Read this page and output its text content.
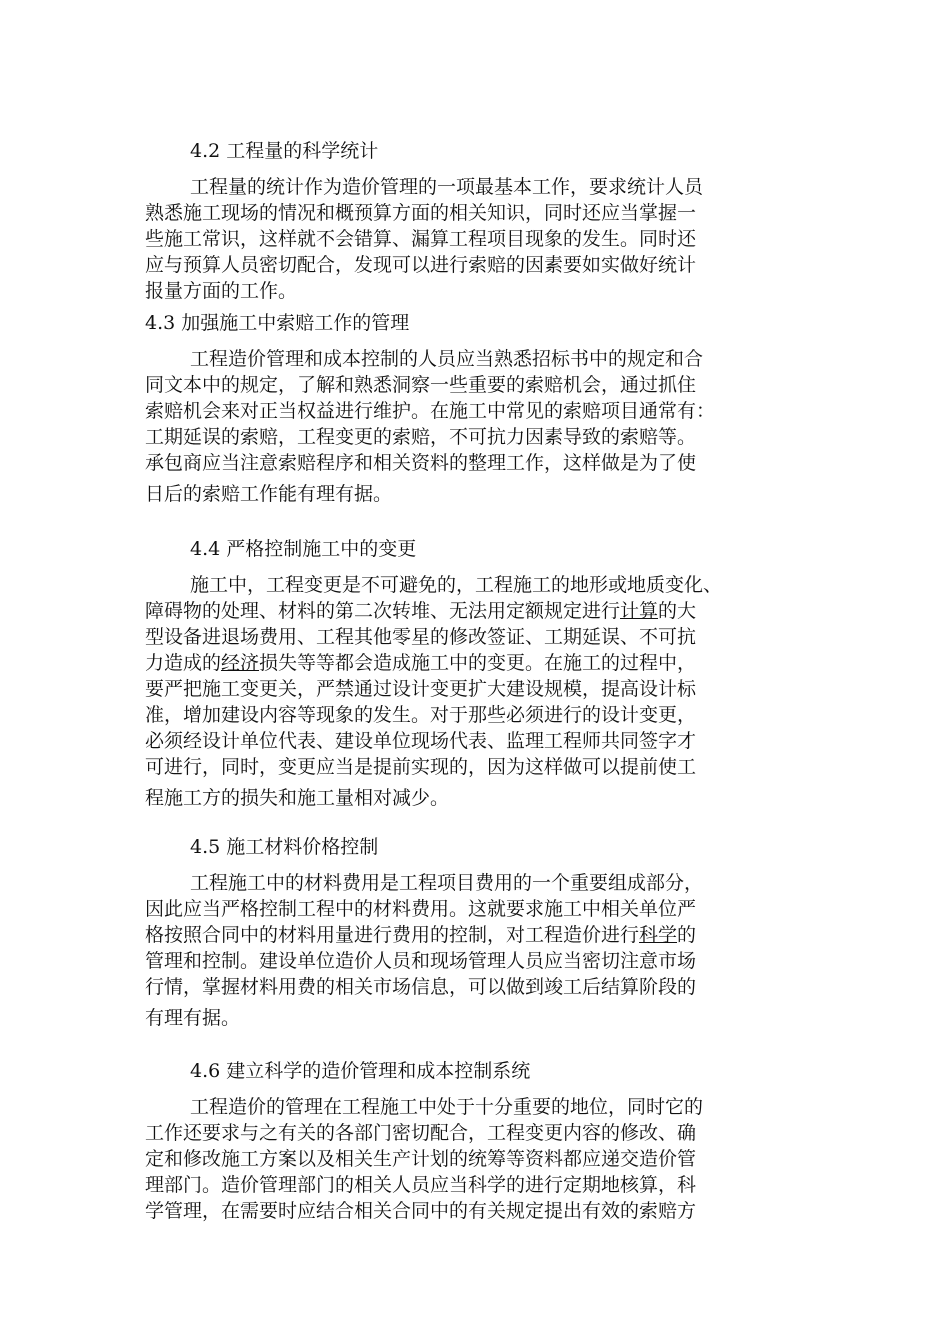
4.2 工程量的科学统计
工程量的统计作为造价管理的一项最基本工作，要求统计人员
熟悉施工现场的情况和概预算方面的相关知识，同时还应当掌握一
些施工常识，这样就不会错算、漏算工程项目现象的发生。同时还
应与预算人员密切配合，发现可以进行索赔的因素要如实做好统计
报量方面的工作。
4.3 加强施工中索赔工作的管理
工程造价管理和成本控制的人员应当熟悉招标书中的规定和合
同文本中的规定，了解和熟悉洞察一些重要的索赔机会，通过抓住
索赔机会来对正当权益进行维护。在施工中常见的索赔项目通常有：
工期延误的索赔，工程变更的索赔，不可抗力因素导致的索赔等。
承包商应当注意索赔程序和相关资料的整理工作，这样做是为了使
日后的索赔工作能有理有据。
4.4 严格控制施工中的变更
施工中，工程变更是不可避免的，工程施工的地形或地质变化、
障碍物的处理、材料的第二次转堆、无法用定额规定进行计算的大
型设备进退场费用、工程其他零星的修改签证、工期延误、不可抗
力造成的经济损失等等都会造成施工中的变更。在施工的过程中，
要严把施工变更关，严禁通过设计变更扩大建设规模，提高设计标
准，增加建设内容等现象的发生。对于那些必须进行的设计变更，
必须经设计单位代表、建设单位现场代表、监理工程师共同签字才
可进行，同时，变更应当是提前实现的，因为这样做可以提前使工
程施工方的损失和施工量相对减少。
4.5 施工材料价格控制
工程施工中的材料费用是工程项目费用的一个重要组成部分，
因此应当严格控制工程中的材料费用。这就要求施工中相关单位严
格按照合同中的材料用量进行费用的控制，对工程造价进行科学的
管理和控制。建设单位造价人员和现场管理人员应当密切注意市场
行情，掌握材料用费的相关市场信息，可以做到竣工后结算阶段的
有理有据。
4.6 建立科学的造价管理和成本控制系统
工程造价的管理在工程施工中处于十分重要的地位，同时它的
工作还要求与之有关的各部门密切配合，工程变更内容的修改、确
定和修改施工方案以及相关生产计划的统筹等资料都应递交造价管
理部门。造价管理部门的相关人员应当科学的进行定期地核算，科
学管理，在需要时应结合相关合同中的有关规定提出有效的索赔方
